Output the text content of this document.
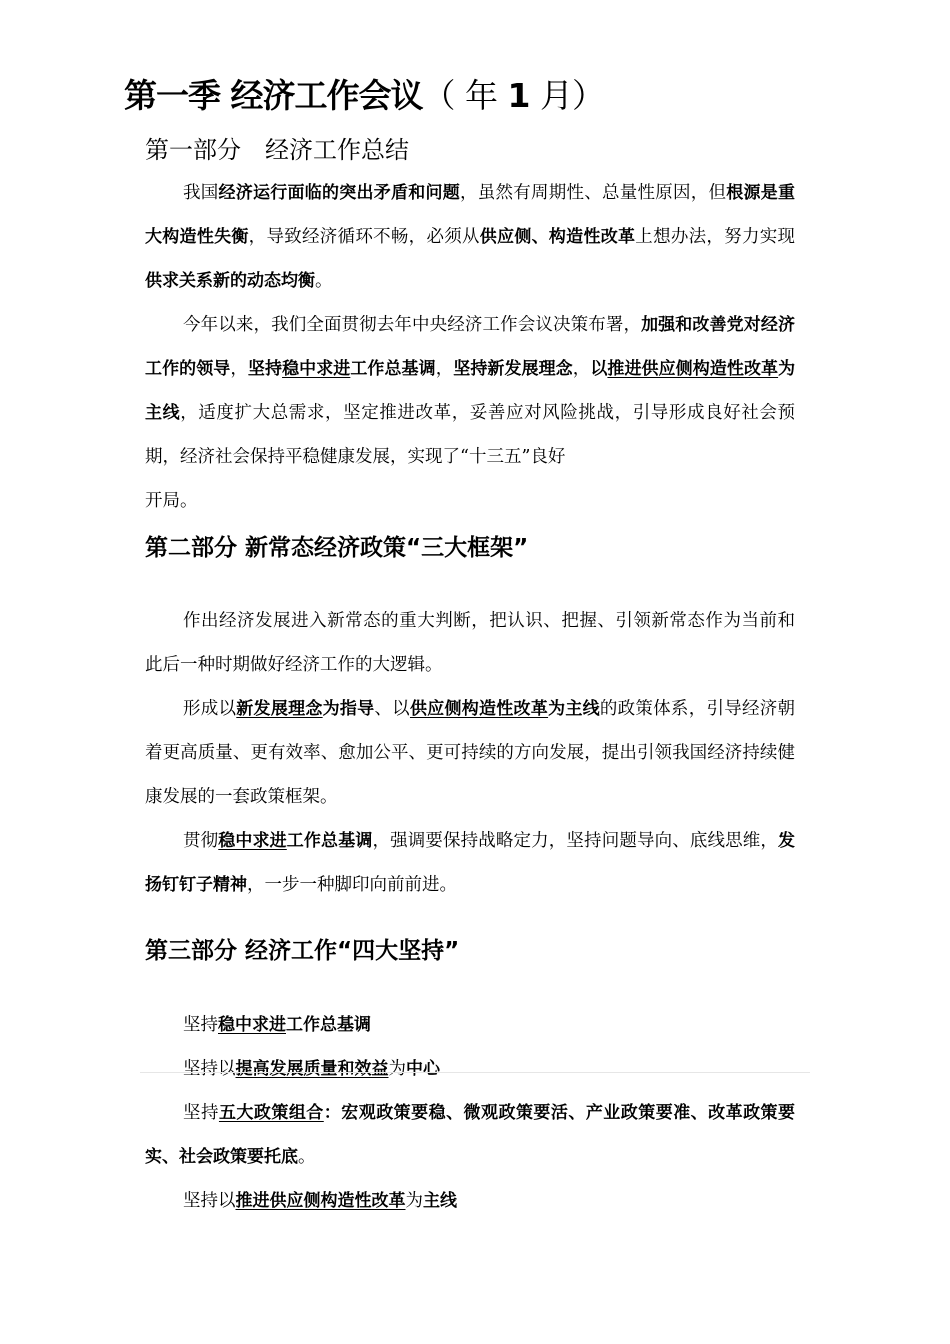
第一季 经济工作会议（ 年 1 月）
第一部分　经济工作总结

我国经济运行面临的突出矛盾和问题，虽然有周期性、总量性原因，但根源是重大构造性失衡，导致经济循环不畅，必须从供应侧、构造性改革上想办法，努力实现供求关系新的动态均衡。

今年以来，我们全面贯彻去年中央经济工作会议决策布署，加强和改善党对经济工作的领导，坚持稳中求进工作总基调，坚持新发展理念，以推进供应侧构造性改革为主线，适度扩大总需求，坚定推进改革，妥善应对风险挑战，引导形成良好社会预期，经济社会保持平稳健康发展，实现了“十三五”良好
开局。

第二部分 新常态经济政策“三大框架”

作出经济发展进入新常态的重大判断，把认识、把握、引领新常态作为当前和此后一种时期做好经济工作的大逻辑。

形成以新发展理念为指导、以供应侧构造性改革为主线的政策体系，引导经济朝着更高质量、更有效率、愈加公平、更可持续的方向发展，提出引领我国经济持续健康发展的一套政策框架。

贯彻稳中求进工作总基调，强调要保持战略定力，坚持问题导向、底线思维，发扬钉钉子精神，一步一种脚印向前前进。

第三部分 经济工作“四大坚持”

坚持稳中求进工作总基调

坚持以提高发展质量和效益为中心

坚持五大政策组合：宏观政策要稳、微观政策要活、产业政策要准、改革政策要实、社会政策要托底。

坚持以推进供应侧构造性改革为主线
